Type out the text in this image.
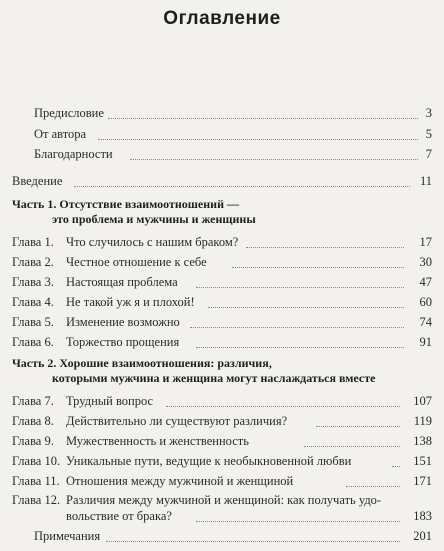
Оглавление
Предисловие	3
От автора	5
Благодарности	7
Введение	11
Часть 1. Отсутствие взаимоотношений —
это проблема и мужчины и женщины
Глава 1. Что случилось с нашим браком?	17
Глава 2. Честное отношение к себе	30
Глава 3. Настоящая проблема	47
Глава 4. Не такой уж я и плохой!	60
Глава 5. Изменение возможно	74
Глава 6. Торжество прощения	91
Часть 2. Хорошие взаимоотношения: различия,
которыми мужчина и женщина могут наслаждаться вместе
Глава 7. Трудный вопрос	107
Глава 8. Действительно ли существуют различия?	119
Глава 9. Мужественность и женственность	138
Глава 10. Уникальные пути, ведущие к необыкновенной любви	151
Глава 11. Отношения между мужчиной и женщиной	171
Глава 12. Различия между мужчиной и женщиной: как получать удо-
вольствие от брака?	183
Примечания	201
